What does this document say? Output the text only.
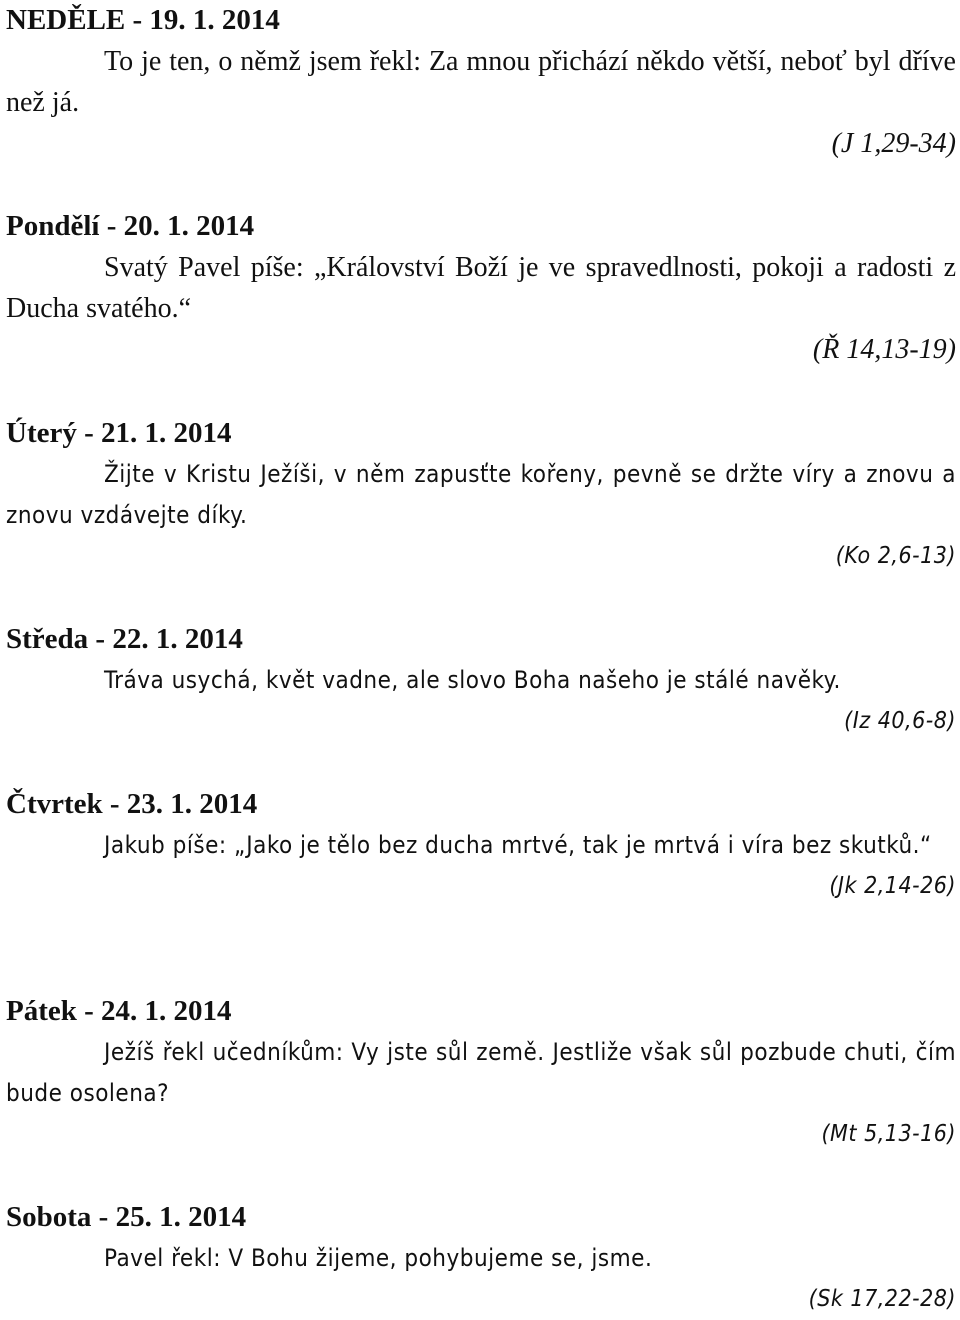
NEDĚLE - 19. 1. 2014

To je ten, o němž jsem řekl: Za mnou přichází někdo větší, neboť byl dříve než já.

(J 1,29-34)
Pondělí - 20. 1. 2014

Svatý Pavel píše: „Království Boží je ve spravedlnosti, pokoji a radosti z Ducha svatého.“

(Ř 14,13-19)
Úterý - 21. 1. 2014

Žijte v Kristu Ježíši, v něm zapusťte kořeny, pevně se držte víry a znovu a znovu vzdávejte díky.

(Ko 2,6-13)
Středa - 22. 1. 2014

Tráva usychá, květ vadne, ale slovo Boha našeho je stálé navěky.

(Iz 40,6-8)
Čtvrtek - 23. 1. 2014

Jakub píše: „Jako je tělo bez ducha mrtvé, tak je mrtvá i víra bez skutků.“

(Jk 2,14-26)
Pátek - 24. 1. 2014

Ježíš řekl učedníkům: Vy jste sůl země. Jestliže však sůl pozbude chuti, čím bude osolena?

(Mt 5,13-16)
Sobota - 25. 1. 2014

Pavel řekl: V Bohu žijeme, pohybujeme se, jsme.

(Sk 17,22-28)
